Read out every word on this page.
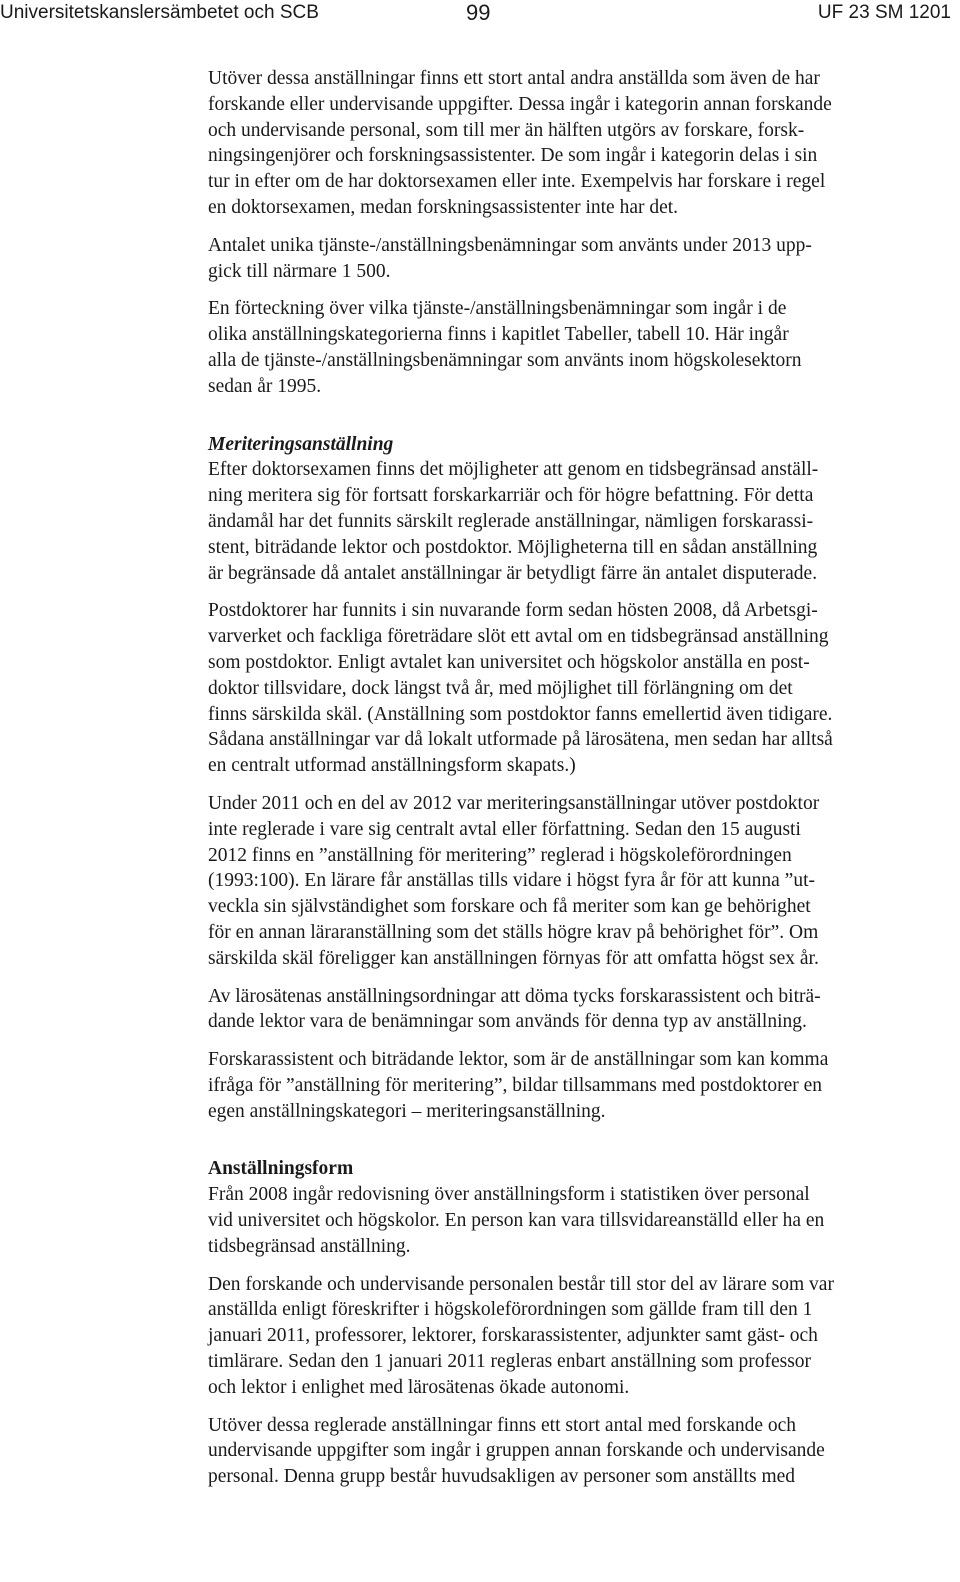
Universitetskanslersämbetet och SCB	99	UF 23 SM 1201

Utöver dessa anställningar finns ett stort antal andra anställda som även de har
forskande eller undervisande uppgifter. Dessa ingår i kategorin annan forskande
och undervisande personal, som till mer än hälften utgörs av forskare, forsk-
ningsingenjörer och forskningsassistenter. De som ingår i kategorin delas i sin
tur in efter om de har doktorsexamen eller inte. Exempelvis har forskare i regel
en doktorsexamen, medan forskningsassistenter inte har det.

Antalet unika tjänste-/anställningsbenämningar som använts under 2013 upp-
gick till närmare 1 500.

En förteckning över vilka tjänste-/anställningsbenämningar som ingår i de
olika anställningskategorierna finns i kapitlet Tabeller, tabell 10. Här ingår
alla de tjänste-/anställningsbenämningar som använts inom högskolesektorn
sedan år 1995.

Meriteringsanställning

Efter doktorsexamen finns det möjligheter att genom en tidsbegränsad anställ-
ning meritera sig för fortsatt forskarkarriär och för högre befattning. För detta
ändamål har det funnits särskilt reglerade anställningar, nämligen forskarassi-
stent, biträdande lektor och postdoktor. Möjligheterna till en sådan anställning
är begränsade då antalet anställningar är betydligt färre än antalet disputerade.

Postdoktorer har funnits i sin nuvarande form sedan hösten 2008, då Arbetsgi-
varverket och fackliga företrädare slöt ett avtal om en tidsbegränsad anställning
som postdoktor. Enligt avtalet kan universitet och högskolor anställa en post-
doktor tillsvidare, dock längst två år, med möjlighet till förlängning om det
finns särskilda skäl. (Anställning som postdoktor fanns emellertid även tidigare.
Sådana anställningar var då lokalt utformade på lärosätena, men sedan har alltså
en centralt utformad anställningsform skapats.)

Under 2011 och en del av 2012 var meriteringsanställningar utöver postdoktor
inte reglerade i vare sig centralt avtal eller författning. Sedan den 15 augusti
2012 finns en ”anställning för meritering” reglerad i högskoleförordningen
(1993:100). En lärare får anställas tills vidare i högst fyra år för att kunna ”ut-
veckla sin självständighet som forskare och få meriter som kan ge behörighet
för en annan läraranställning som det ställs högre krav på behörighet för”. Om
särskilda skäl föreligger kan anställningen förnyas för att omfatta högst sex år.

Av lärosätenas anställningsordningar att döma tycks forskarassistent och biträ-
dande lektor vara de benämningar som används för denna typ av anställning.

Forskarassistent och biträdande lektor, som är de anställningar som kan komma
ifråga för ”anställning för meritering”, bildar tillsammans med postdoktorer en
egen anställningskategori – meriteringsanställning.

Anställningsform

Från 2008 ingår redovisning över anställningsform i statistiken över personal
vid universitet och högskolor. En person kan vara tillsvidareanställd eller ha en
tidsbegränsad anställning.

Den forskande och undervisande personalen består till stor del av lärare som var
anställda enligt föreskrifter i högskoleförordningen som gällde fram till den 1
januari 2011, professorer, lektorer, forskarassistenter, adjunkter samt gäst- och
timlärare. Sedan den 1 januari 2011 regleras enbart anställning som professor
och lektor i enlighet med lärosätenas ökade autonomi.

Utöver dessa reglerade anställningar finns ett stort antal med forskande och
undervisande uppgifter som ingår i gruppen annan forskande och undervisande
personal. Denna grupp består huvudsakligen av personer som anställts med
